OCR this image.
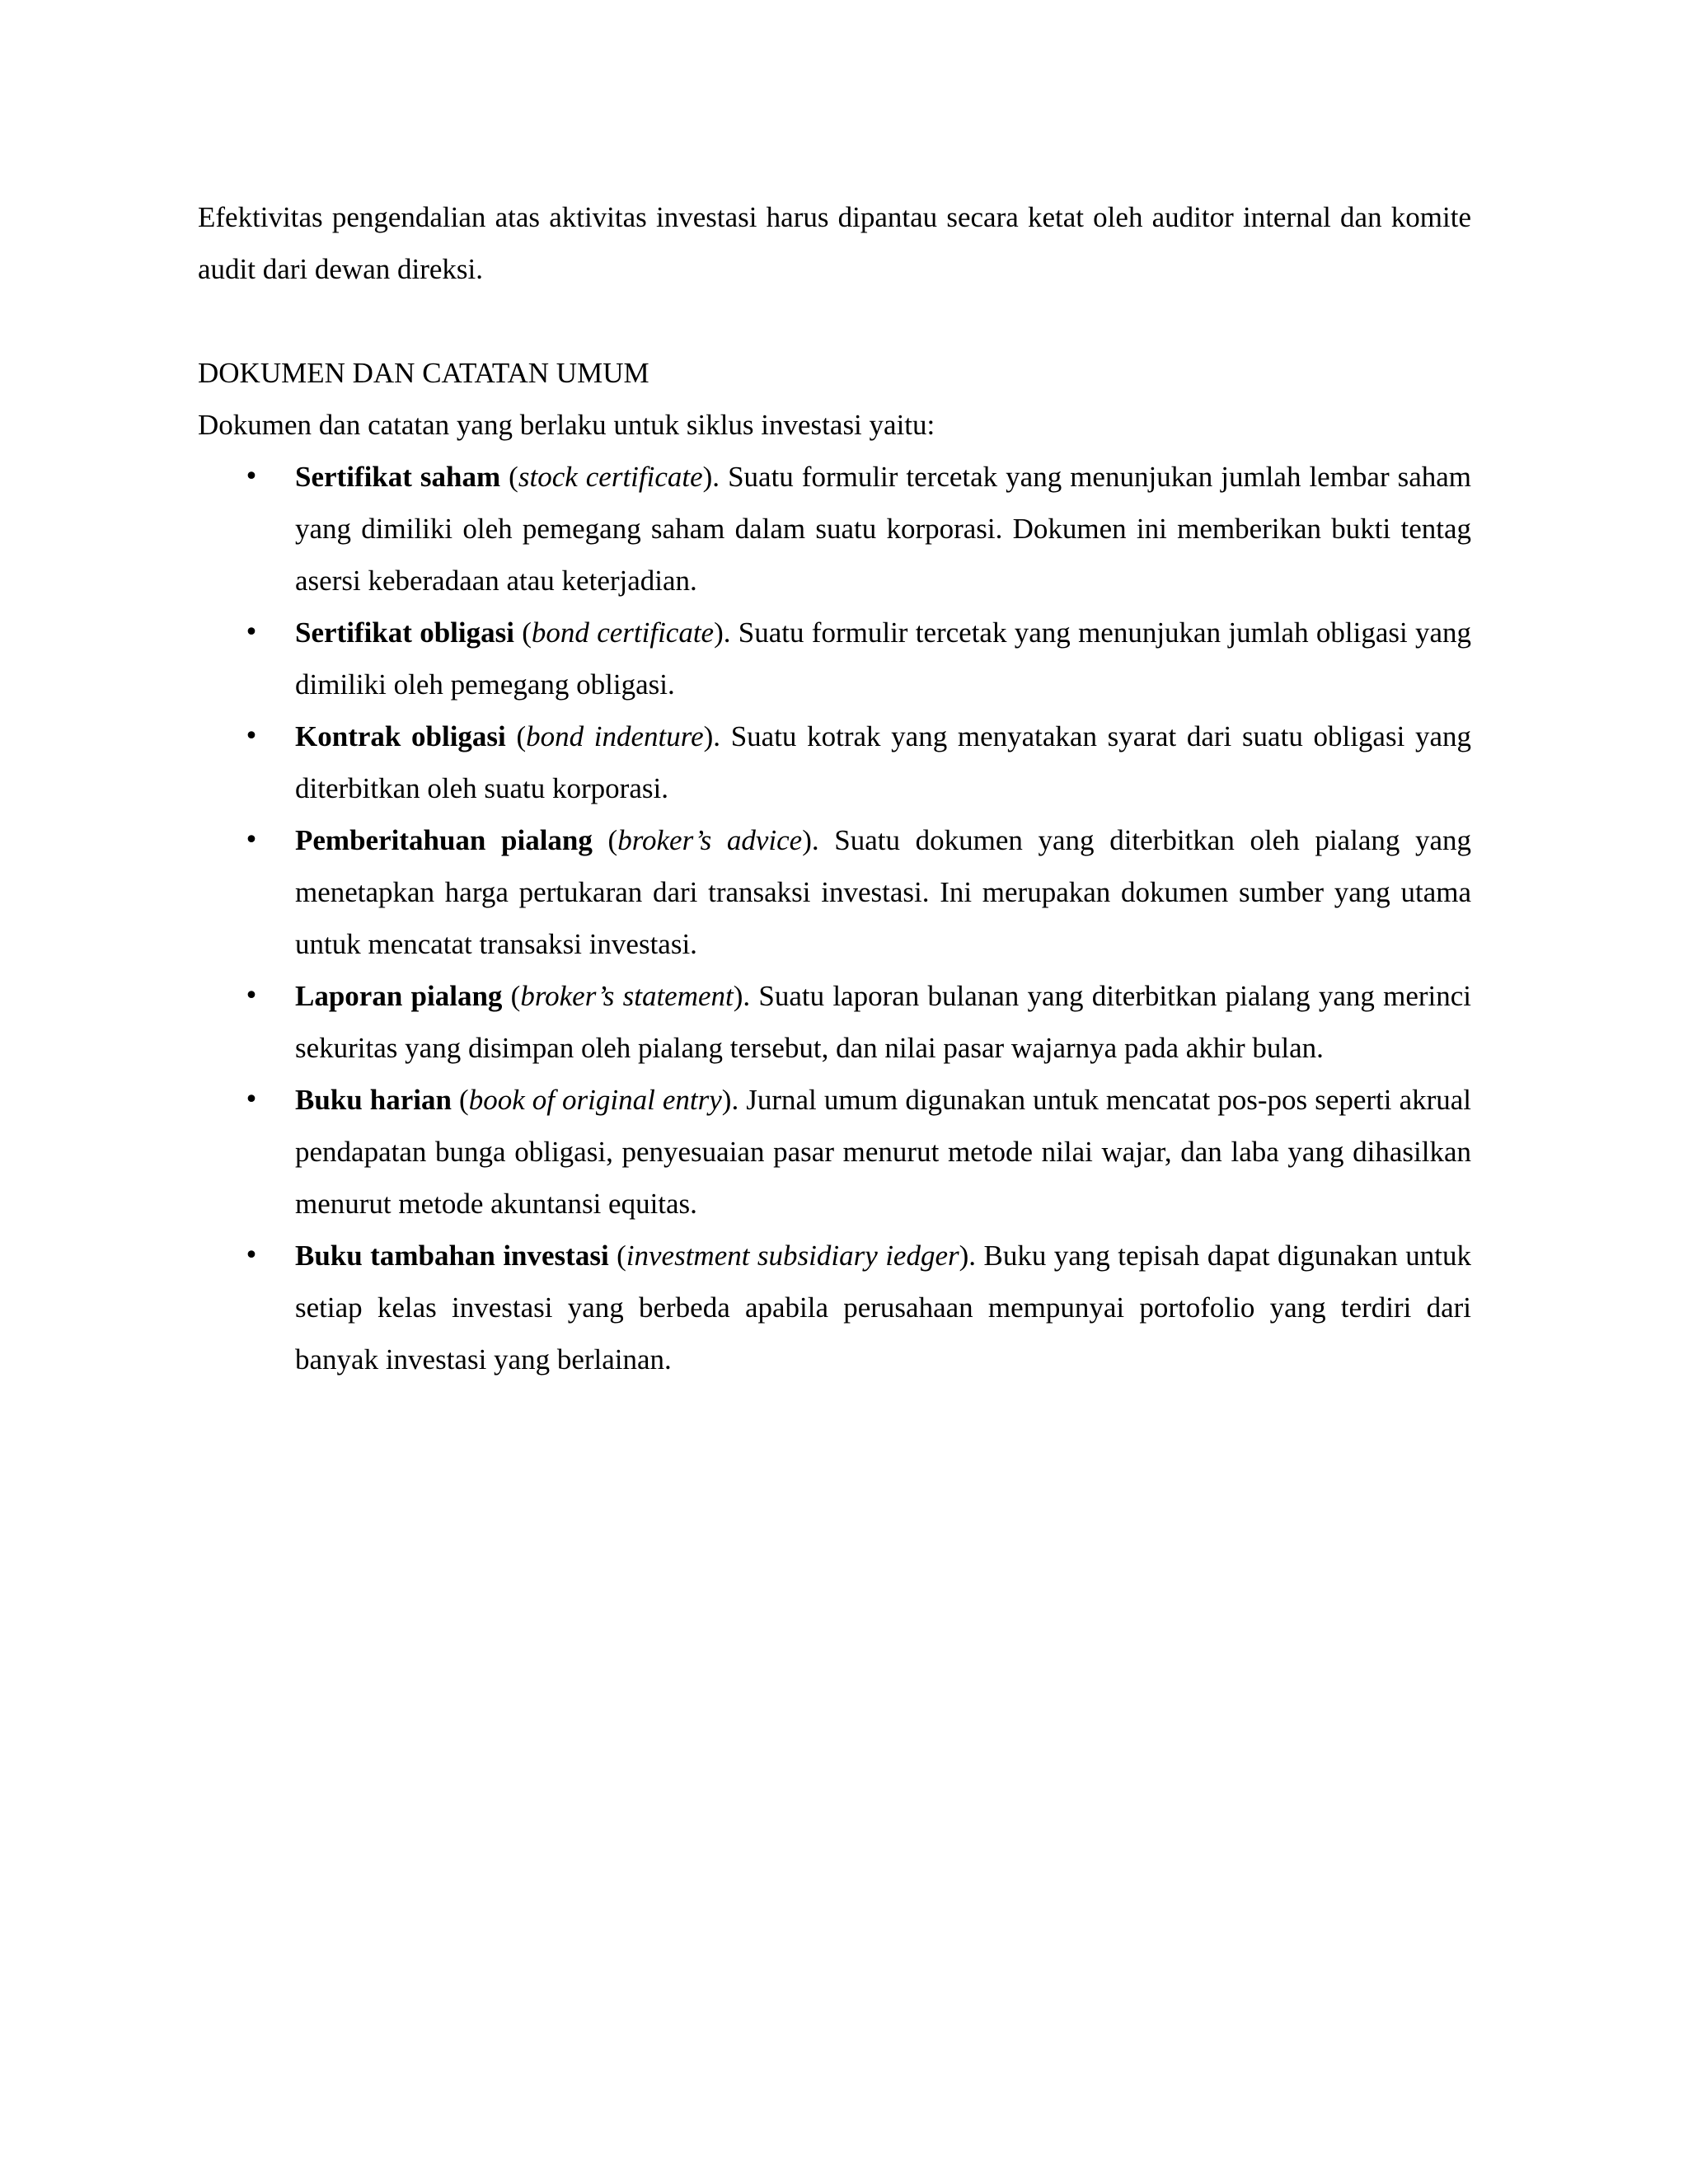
Efektivitas pengendalian atas aktivitas investasi harus dipantau secara ketat oleh auditor internal dan komite audit dari dewan direksi.

DOKUMEN DAN CATATAN UMUM

Dokumen dan catatan yang berlaku untuk siklus investasi yaitu:

• Sertifikat saham (stock certificate). Suatu formulir tercetak yang menunjukan jumlah lembar saham yang dimiliki oleh pemegang saham dalam suatu korporasi. Dokumen ini memberikan bukti tentag asersi keberadaan atau keterjadian.
• Sertifikat obligasi (bond certificate). Suatu formulir tercetak yang menunjukan jumlah obligasi yang dimiliki oleh pemegang obligasi.
• Kontrak obligasi (bond indenture). Suatu kotrak yang menyatakan syarat dari suatu obligasi yang diterbitkan oleh suatu korporasi.
• Pemberitahuan pialang (broker’s advice). Suatu dokumen yang diterbitkan oleh pialang yang menetapkan harga pertukaran dari transaksi investasi. Ini merupakan dokumen sumber yang utama untuk mencatat transaksi investasi.
• Laporan pialang (broker’s statement). Suatu laporan bulanan yang diterbitkan pialang yang merinci sekuritas yang disimpan oleh pialang tersebut, dan nilai pasar wajarnya pada akhir bulan.
• Buku harian (book of original entry). Jurnal umum digunakan untuk mencatat pos-pos seperti akrual pendapatan bunga obligasi, penyesuaian pasar menurut metode nilai wajar, dan laba yang dihasilkan menurut metode akuntansi equitas.
• Buku tambahan investasi (investment subsidiary iedger). Buku yang tepisah dapat digunakan untuk setiap kelas investasi yang berbeda apabila perusahaan mempunyai portofolio yang terdiri dari banyak investasi yang berlainan.
